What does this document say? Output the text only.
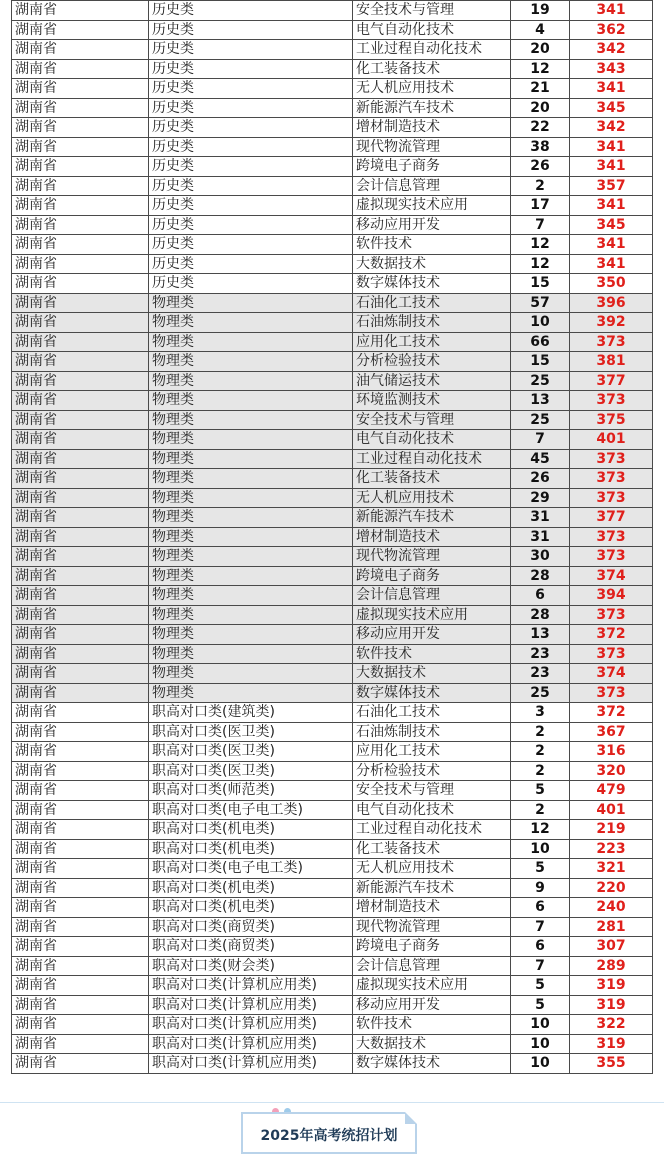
湖南省	历史类	安全技术与管理	19	341
湖南省	历史类	电气自动化技术	4	362
湖南省	历史类	工业过程自动化技术	20	342
湖南省	历史类	化工装备技术	12	343
湖南省	历史类	无人机应用技术	21	341
湖南省	历史类	新能源汽车技术	20	345
湖南省	历史类	增材制造技术	22	342
湖南省	历史类	现代物流管理	38	341
湖南省	历史类	跨境电子商务	26	341
湖南省	历史类	会计信息管理	2	357
湖南省	历史类	虚拟现实技术应用	17	341
湖南省	历史类	移动应用开发	7	345
湖南省	历史类	软件技术	12	341
湖南省	历史类	大数据技术	12	341
湖南省	历史类	数字媒体技术	15	350
湖南省	物理类	石油化工技术	57	396
湖南省	物理类	石油炼制技术	10	392
湖南省	物理类	应用化工技术	66	373
湖南省	物理类	分析检验技术	15	381
湖南省	物理类	油气储运技术	25	377
湖南省	物理类	环境监测技术	13	373
湖南省	物理类	安全技术与管理	25	375
湖南省	物理类	电气自动化技术	7	401
湖南省	物理类	工业过程自动化技术	45	373
湖南省	物理类	化工装备技术	26	373
湖南省	物理类	无人机应用技术	29	373
湖南省	物理类	新能源汽车技术	31	377
湖南省	物理类	增材制造技术	31	373
湖南省	物理类	现代物流管理	30	373
湖南省	物理类	跨境电子商务	28	374
湖南省	物理类	会计信息管理	6	394
湖南省	物理类	虚拟现实技术应用	28	373
湖南省	物理类	移动应用开发	13	372
湖南省	物理类	软件技术	23	373
湖南省	物理类	大数据技术	23	374
湖南省	物理类	数字媒体技术	25	373
湖南省	职高对口类(建筑类)	石油化工技术	3	372
湖南省	职高对口类(医卫类)	石油炼制技术	2	367
湖南省	职高对口类(医卫类)	应用化工技术	2	316
湖南省	职高对口类(医卫类)	分析检验技术	2	320
湖南省	职高对口类(师范类)	安全技术与管理	5	479
湖南省	职高对口类(电子电工类)	电气自动化技术	2	401
湖南省	职高对口类(机电类)	工业过程自动化技术	12	219
湖南省	职高对口类(机电类)	化工装备技术	10	223
湖南省	职高对口类(电子电工类)	无人机应用技术	5	321
湖南省	职高对口类(机电类)	新能源汽车技术	9	220
湖南省	职高对口类(机电类)	增材制造技术	6	240
湖南省	职高对口类(商贸类)	现代物流管理	7	281
湖南省	职高对口类(商贸类)	跨境电子商务	6	307
湖南省	职高对口类(财会类)	会计信息管理	7	289
湖南省	职高对口类(计算机应用类)	虚拟现实技术应用	5	319
湖南省	职高对口类(计算机应用类)	移动应用开发	5	319
湖南省	职高对口类(计算机应用类)	软件技术	10	322
湖南省	职高对口类(计算机应用类)	大数据技术	10	319
湖南省	职高对口类(计算机应用类)	数字媒体技术	10	355
2025年高考统招计划
